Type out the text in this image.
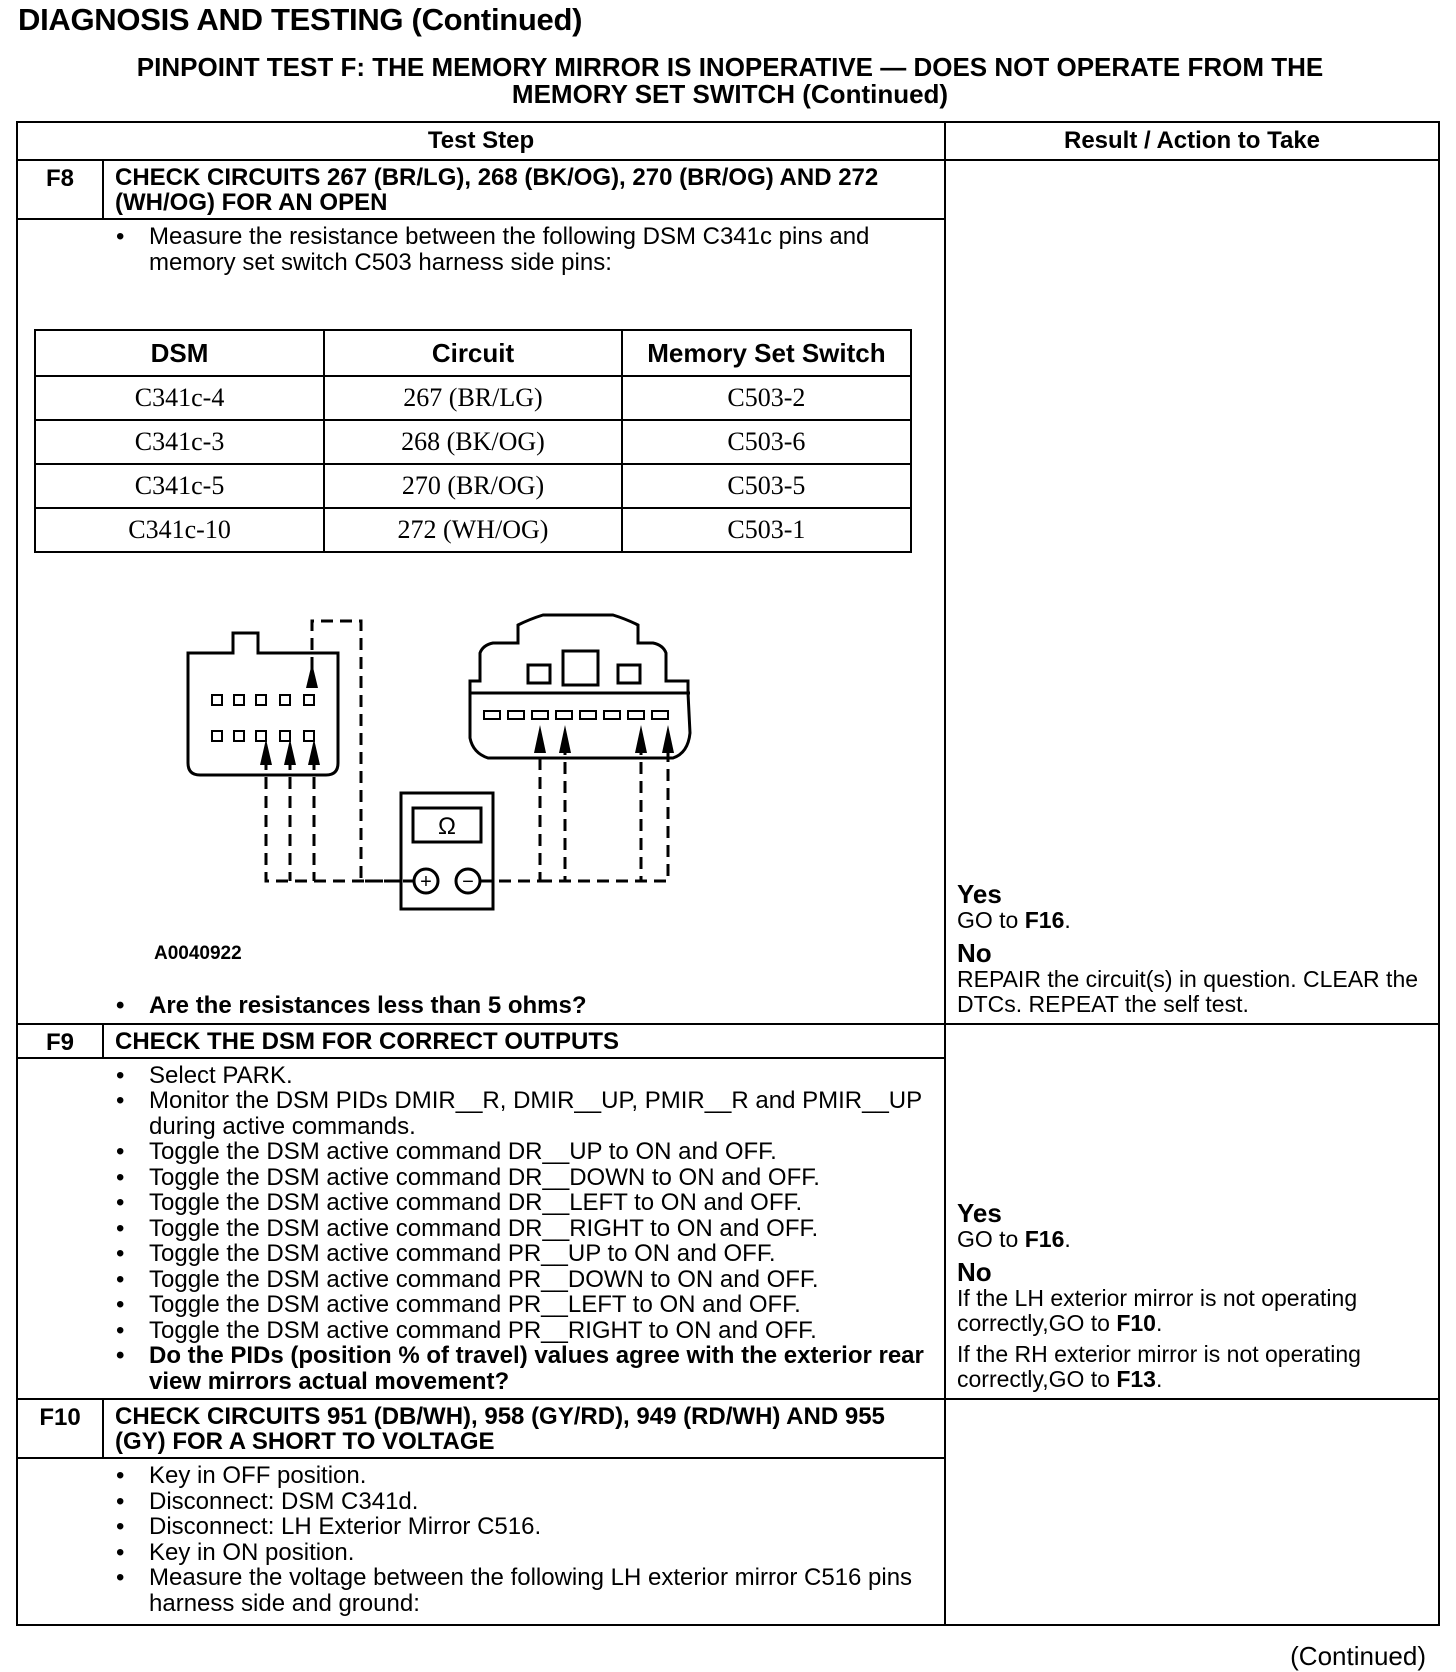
DIAGNOSIS AND TESTING (Continued)
PINPOINT TEST F: THE MEMORY MIRROR IS INOPERATIVE — DOES NOT OPERATE FROM THE
MEMORY SET SWITCH (Continued)
Test Step	Result / Action to Take

F8	CHECK CIRCUITS 267 (BR/LG), 268 (BK/OG), 270 (BR/OG) AND 272 (WH/OG) FOR AN OPEN
• Measure the resistance between the following DSM C341c pins and memory set switch C503 harness side pins:
DSM	Circuit	Memory Set Switch
C341c-4	267 (BR/LG)	C503-2
C341c-3	268 (BK/OG)	C503-6
C341c-5	270 (BR/OG)	C503-5
C341c-10	272 (WH/OG)	C503-1
Ω
+ −
A0040922
• Are the resistances less than 5 ohms?

Yes
GO to F16.
No
REPAIR the circuit(s) in question. CLEAR the DTCs. REPEAT the self test.

F9	CHECK THE DSM FOR CORRECT OUTPUTS
• Select PARK.
• Monitor the DSM PIDs DMIR__R, DMIR__UP, PMIR__R and PMIR__UP during active commands.
• Toggle the DSM active command DR__UP to ON and OFF.
• Toggle the DSM active command DR__DOWN to ON and OFF.
• Toggle the DSM active command DR__LEFT to ON and OFF.
• Toggle the DSM active command DR__RIGHT to ON and OFF.
• Toggle the DSM active command PR__UP to ON and OFF.
• Toggle the DSM active command PR__DOWN to ON and OFF.
• Toggle the DSM active command PR__LEFT to ON and OFF.
• Toggle the DSM active command PR__RIGHT to ON and OFF.
• Do the PIDs (position % of travel) values agree with the exterior rear view mirrors actual movement?

Yes
GO to F16.
No
If the LH exterior mirror is not operating correctly,GO to F10.
If the RH exterior mirror is not operating correctly,GO to F13.

F10	CHECK CIRCUITS 951 (DB/WH), 958 (GY/RD), 949 (RD/WH) AND 955 (GY) FOR A SHORT TO VOLTAGE
• Key in OFF position.
• Disconnect: DSM C341d.
• Disconnect: LH Exterior Mirror C516.
• Key in ON position.
• Measure the voltage between the following LH exterior mirror C516 pins harness side and ground:

(Continued)
